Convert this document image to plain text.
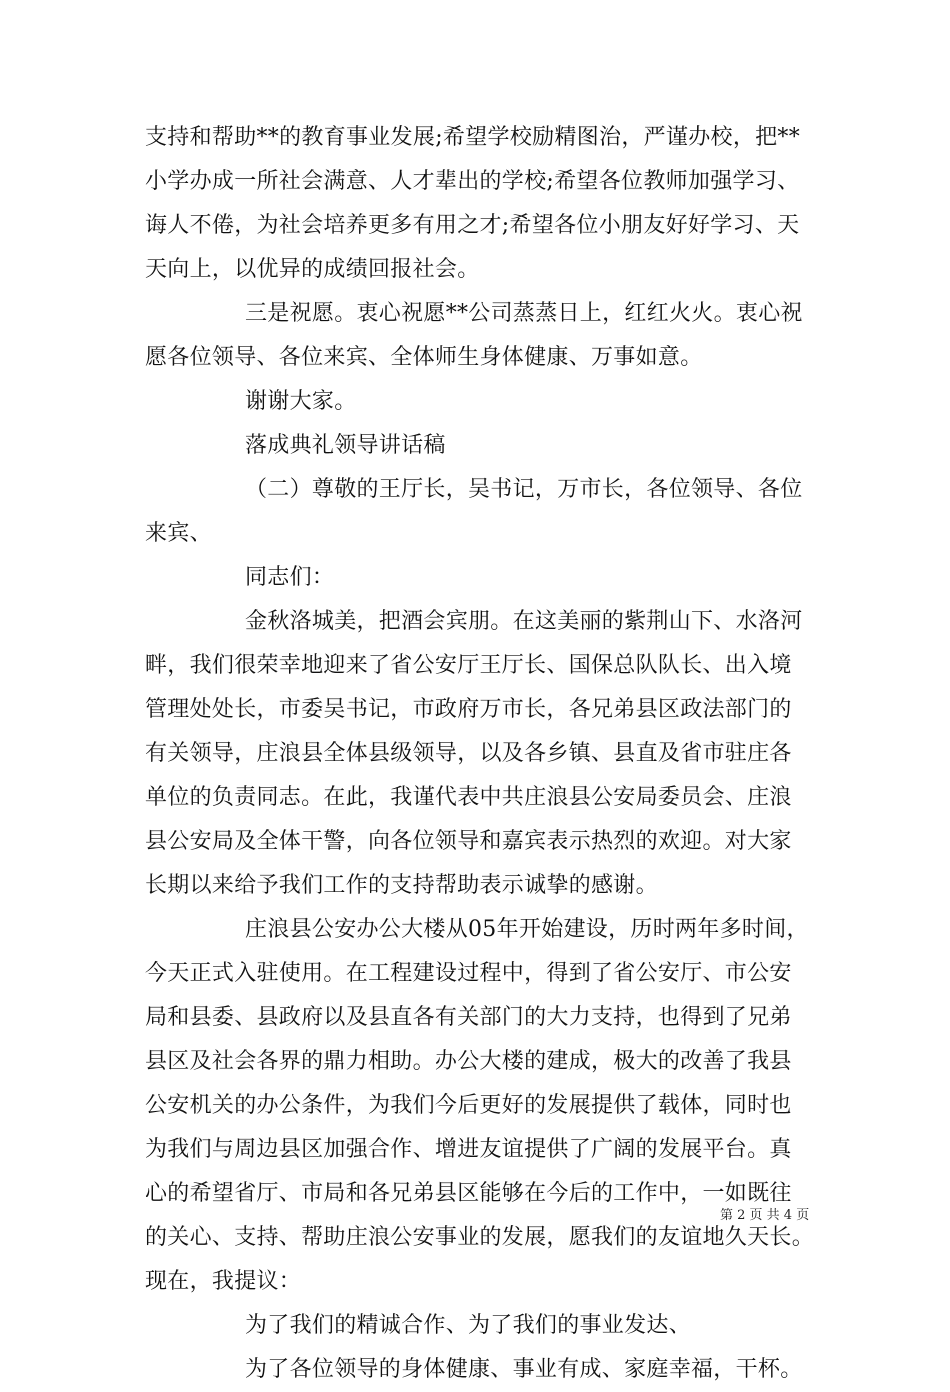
支持和帮助**的教育事业发展;希望学校励精图治，严谨办校，把**
小学办成一所社会满意、人才辈出的学校;希望各位教师加强学习、
诲人不倦，为社会培养更多有用之才;希望各位小朋友好好学习、天
天向上，以优异的成绩回报社会。
三是祝愿。衷心祝愿**公司蒸蒸日上，红红火火。衷心祝
愿各位领导、各位来宾、全体师生身体健康、万事如意。
谢谢大家。
落成典礼领导讲话稿
（二）尊敬的王厅长，吴书记，万市长，各位领导、各位
来宾、
同志们：
金秋洛城美，把酒会宾朋。在这美丽的紫荆山下、水洛河
畔，我们很荣幸地迎来了省公安厅王厅长、国保总队队长、出入境
管理处处长，市委吴书记，市政府万市长，各兄弟县区政法部门的
有关领导，庄浪县全体县级领导，以及各乡镇、县直及省市驻庄各
单位的负责同志。在此，我谨代表中共庄浪县公安局委员会、庄浪
县公安局及全体干警，向各位领导和嘉宾表示热烈的欢迎。对大家
长期以来给予我们工作的支持帮助表示诚挚的感谢。
庄浪县公安办公大楼从05年开始建设，历时两年多时间，
今天正式入驻使用。在工程建设过程中，得到了省公安厅、市公安
局和县委、县政府以及县直各有关部门的大力支持，也得到了兄弟
县区及社会各界的鼎力相助。办公大楼的建成，极大的改善了我县
公安机关的办公条件，为我们今后更好的发展提供了载体，同时也
为我们与周边县区加强合作、增进友谊提供了广阔的发展平台。真
心的希望省厅、市局和各兄弟县区能够在今后的工作中，一如既往
的关心、支持、帮助庄浪公安事业的发展，愿我们的友谊地久天长。
现在，我提议：
为了我们的精诚合作、为了我们的事业发达、
为了各位领导的身体健康、事业有成、家庭幸福，干杯。
第 2 页 共 4 页
